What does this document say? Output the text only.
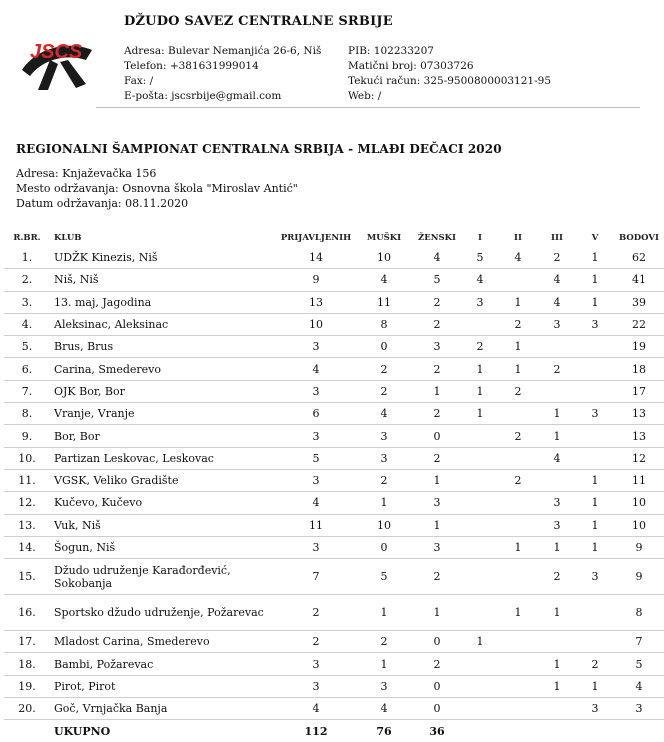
JSCS
DŽUDO SAVEZ CENTRALNE SRBIJE
Adresa: Bulevar Nemanjića 26-6, Niš
Telefon: +381631999014
Fax: /
E-pošta: jscsrbije@gmail.com
PIB: 102233207
Matični broj: 07303726
Tekući račun: 325-9500800003121-95
Web: /
REGIONALNI ŠAMPIONAT CENTRALNA SRBIJA - MLAĐI DEČACI 2020
Adresa: Knjaževačka 156
Mesto održavanja: Osnovna škola "Miroslav Antić"
Datum održavanja: 08.11.2020
R.BR.	KLUB	PRIJAVLJENIH	MUŠKI	ŽENSKI	I	II	III	V	BODOVI
1.	UDŽK Kinezis, Niš	14	10	4	5	4	2	1	62
2.	Niš, Niš	9	4	5	4		4	1	41
3.	13. maj, Jagodina	13	11	2	3	1	4	1	39
4.	Aleksinac, Aleksinac	10	8	2		2	3	3	22
5.	Brus, Brus	3	0	3	2	1			19
6.	Carina, Smederevo	4	2	2	1	1	2		18
7.	OJK Bor, Bor	3	2	1	1	2			17
8.	Vranje, Vranje	6	4	2	1		1	3	13
9.	Bor, Bor	3	3	0		2	1		13
10.	Partizan Leskovac, Leskovac	5	3	2			4		12
11.	VGSK, Veliko Gradište	3	2	1		2		1	11
12.	Kučevo, Kučevo	4	1	3			3	1	10
13.	Vuk, Niš	11	10	1			3	1	10
14.	Šogun, Niš	3	0	3		1	1	1	9
15.	Džudo udruženje Karađorđević, Sokobanja	7	5	2			2	3	9
16.	Sportsko džudo udruženje, Požarevac	2	1	1		1	1		8
17.	Mladost Carina, Smederevo	2	2	0	1				7
18.	Bambi, Požarevac	3	1	2			1	2	5
19.	Pirot, Pirot	3	3	0			1	1	4
20.	Goč, Vrnjačka Banja	4	4	0				3	3
	UKUPNO	112	76	36					
